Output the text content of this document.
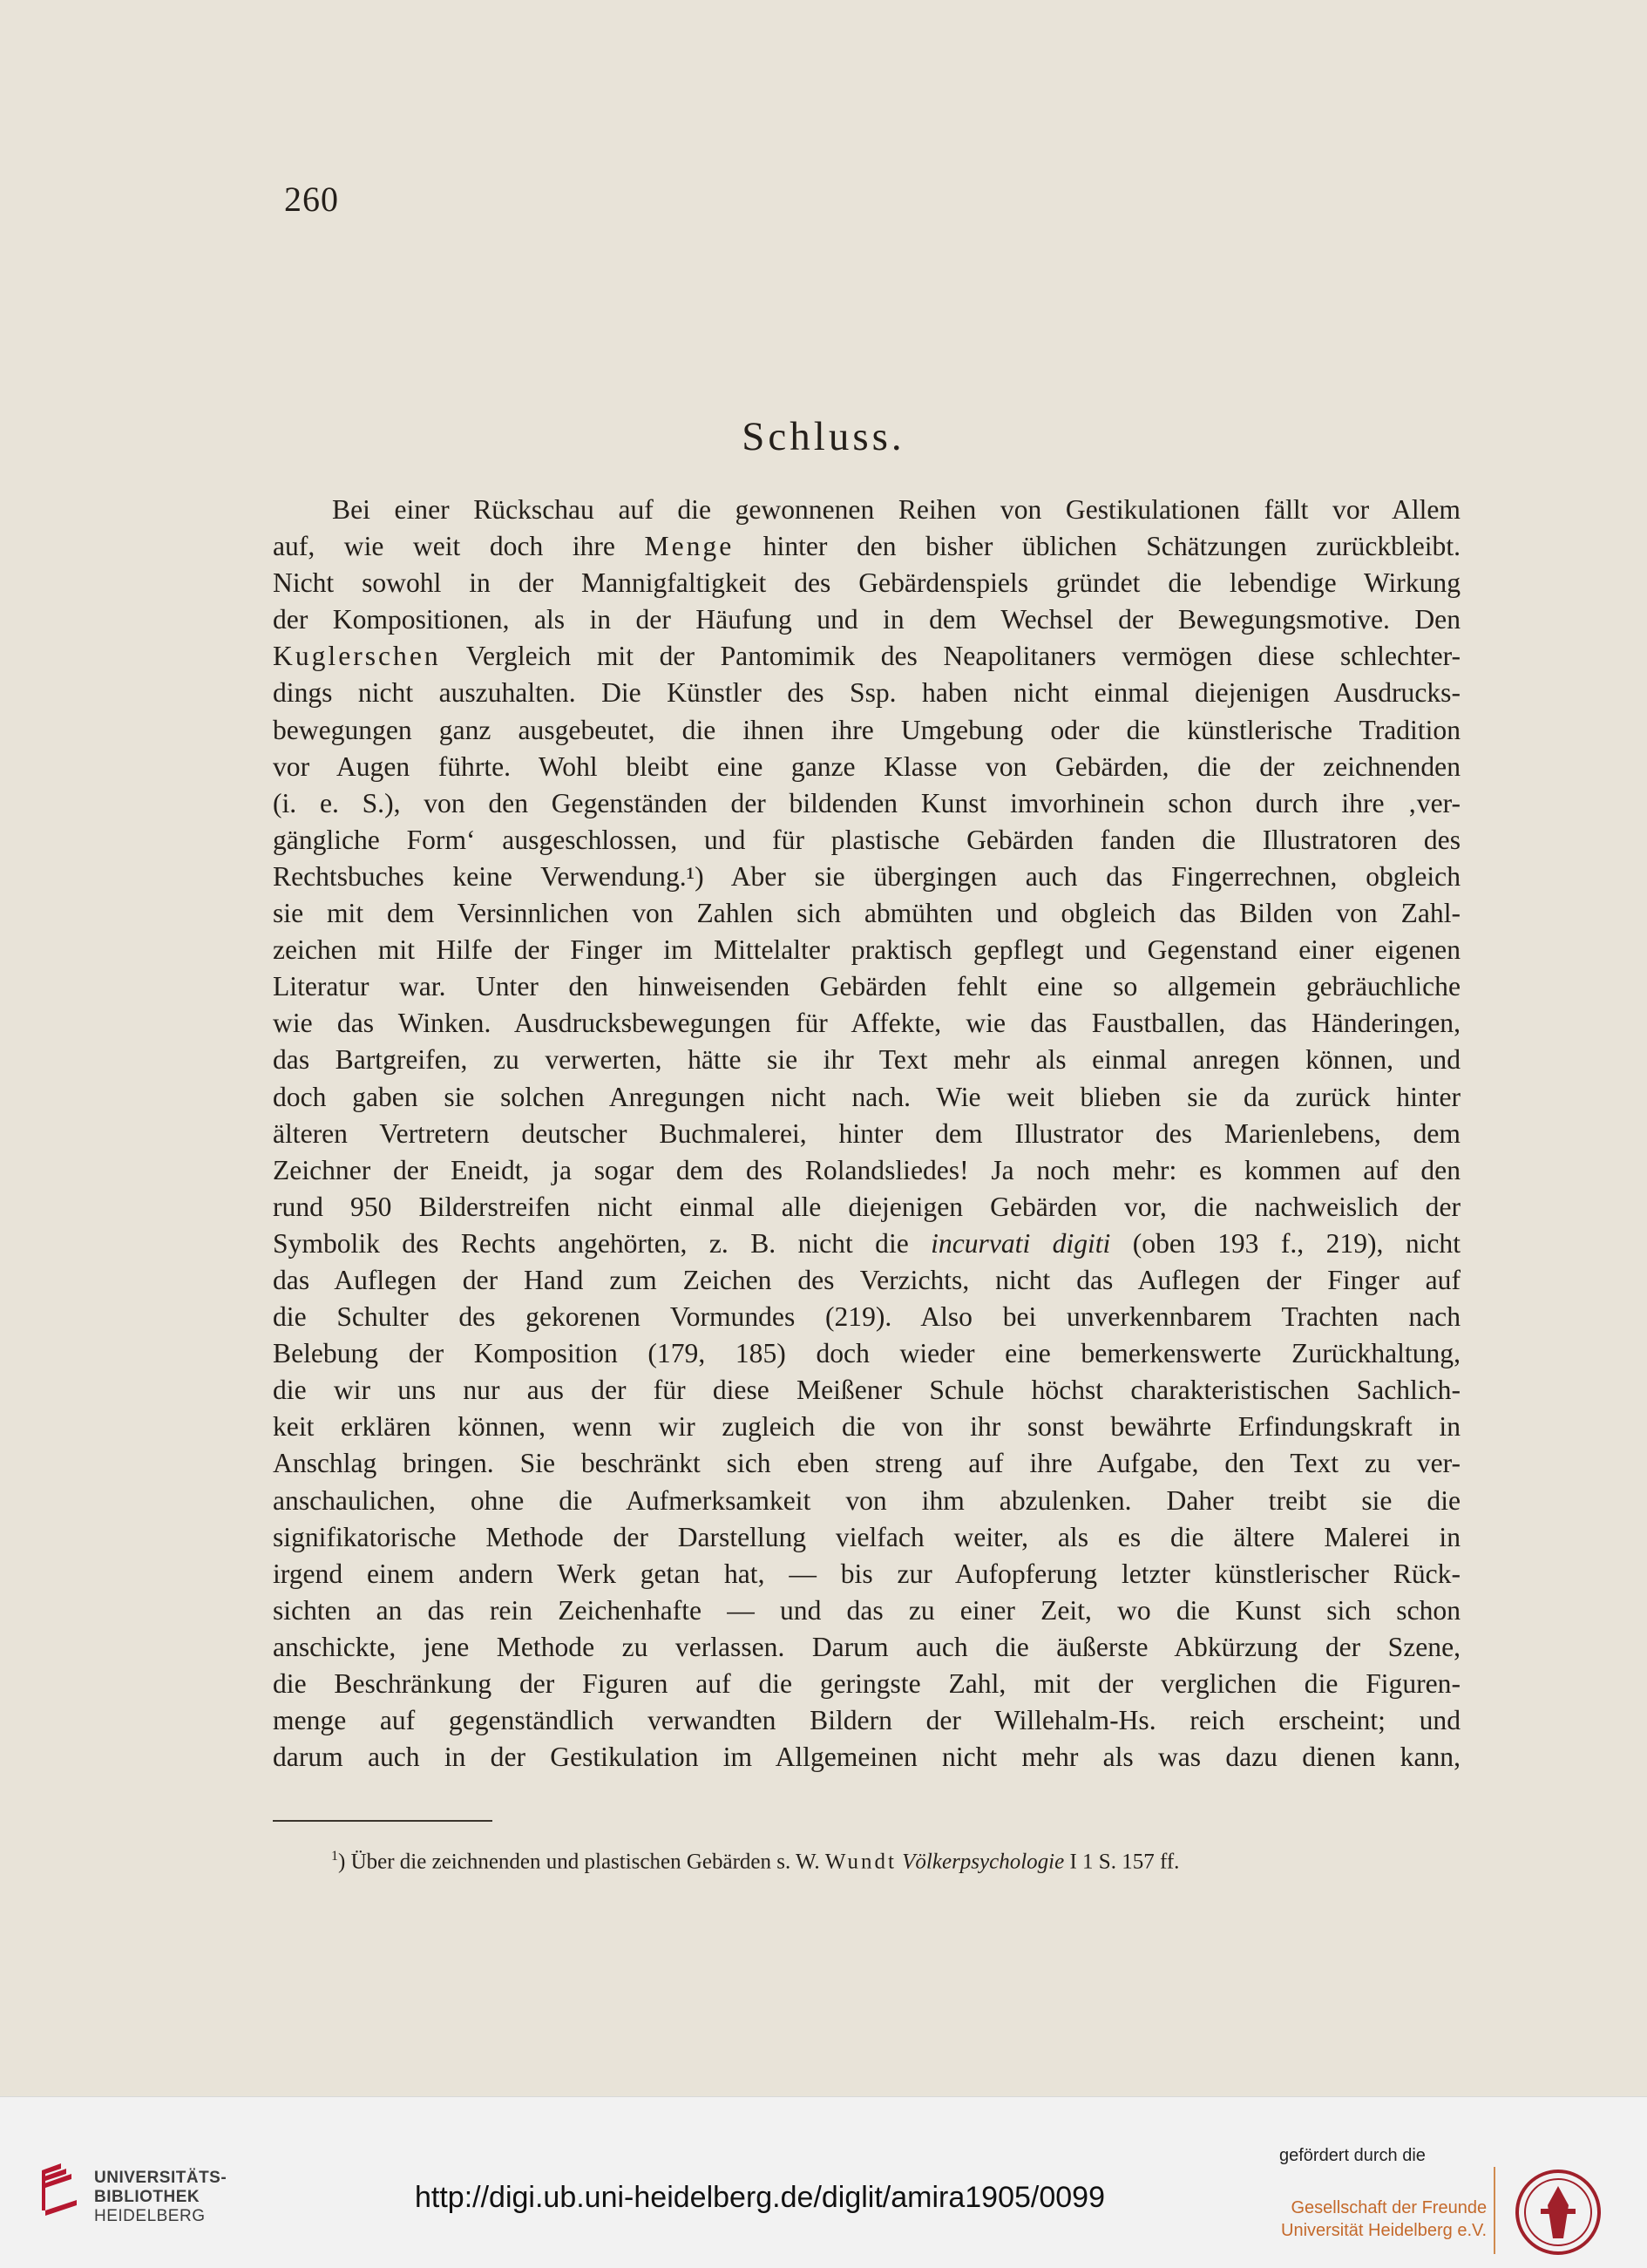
260
Schluss.
Bei einer Rückschau auf die gewonnenen Reihen von Gestikulationen fällt vor Allem
auf, wie weit doch ihre Menge hinter den bisher üblichen Schätzungen zurückbleibt.
Nicht sowohl in der Mannigfaltigkeit des Gebärdenspiels gründet die lebendige Wirkung
der Kompositionen, als in der Häufung und in dem Wechsel der Bewegungsmotive. Den
Kuglerschen Vergleich mit der Pantomimik des Neapolitaners vermögen diese schlechter-
dings nicht auszuhalten. Die Künstler des Ssp. haben nicht einmal diejenigen Ausdrucks-
bewegungen ganz ausgebeutet, die ihnen ihre Umgebung oder die künstlerische Tradition
vor Augen führte. Wohl bleibt eine ganze Klasse von Gebärden, die der zeichnenden
(i. e. S.), von den Gegenständen der bildenden Kunst imvorhinein schon durch ihre ‚ver-
gängliche Form‘ ausgeschlossen, und für plastische Gebärden fanden die Illustratoren des
Rechtsbuches keine Verwendung.¹) Aber sie übergingen auch das Fingerrechnen, obgleich
sie mit dem Versinnlichen von Zahlen sich abmühten und obgleich das Bilden von Zahl-
zeichen mit Hilfe der Finger im Mittelalter praktisch gepflegt und Gegenstand einer eigenen
Literatur war. Unter den hinweisenden Gebärden fehlt eine so allgemein gebräuchliche
wie das Winken. Ausdrucksbewegungen für Affekte, wie das Faustballen, das Händeringen,
das Bartgreifen, zu verwerten, hätte sie ihr Text mehr als einmal anregen können, und
doch gaben sie solchen Anregungen nicht nach. Wie weit blieben sie da zurück hinter
älteren Vertretern deutscher Buchmalerei, hinter dem Illustrator des Marienlebens, dem
Zeichner der Eneidt, ja sogar dem des Rolandsliedes! Ja noch mehr: es kommen auf den
rund 950 Bilderstreifen nicht einmal alle diejenigen Gebärden vor, die nachweislich der
Symbolik des Rechts angehörten, z. B. nicht die incurvati digiti (oben 193 f., 219), nicht
das Auflegen der Hand zum Zeichen des Verzichts, nicht das Auflegen der Finger auf
die Schulter des gekorenen Vormundes (219). Also bei unverkennbarem Trachten nach
Belebung der Komposition (179, 185) doch wieder eine bemerkenswerte Zurückhaltung,
die wir uns nur aus der für diese Meißener Schule höchst charakteristischen Sachlich-
keit erklären können, wenn wir zugleich die von ihr sonst bewährte Erfindungskraft in
Anschlag bringen. Sie beschränkt sich eben streng auf ihre Aufgabe, den Text zu ver-
anschaulichen, ohne die Aufmerksamkeit von ihm abzulenken. Daher treibt sie die
signifikatorische Methode der Darstellung vielfach weiter, als es die ältere Malerei in
irgend einem andern Werk getan hat, — bis zur Aufopferung letzter künstlerischer Rück-
sichten an das rein Zeichenhafte — und das zu einer Zeit, wo die Kunst sich schon
anschickte, jene Methode zu verlassen. Darum auch die äußerste Abkürzung der Szene,
die Beschränkung der Figuren auf die geringste Zahl, mit der verglichen die Figuren-
menge auf gegenständlich verwandten Bildern der Willehalm-Hs. reich erscheint; und
darum auch in der Gestikulation im Allgemeinen nicht mehr als was dazu dienen kann,
$^1$) Über die zeichnenden und plastischen Gebärden s. W. Wundt Völkerpsychologie I 1 S. 157 ff.
UNIVERSITÄTS-
BIBLIOTHEK
HEIDELBERG
http://digi.ub.uni-heidelberg.de/diglit/amira1905/0099
gefördert durch die
Gesellschaft der Freunde
Universität Heidelberg e.V.
